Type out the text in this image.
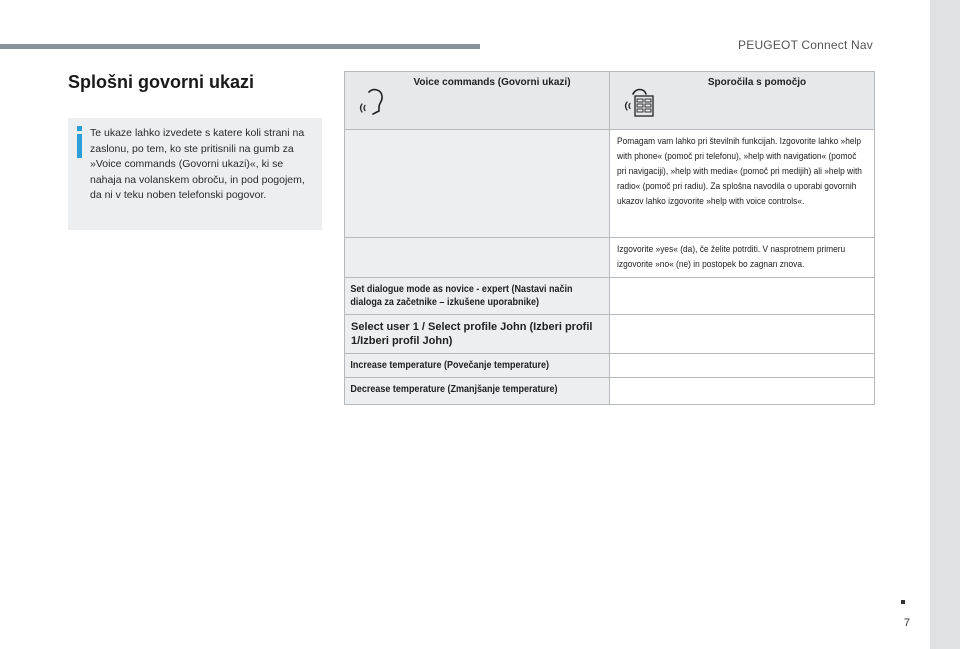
PEUGEOT Connect Nav
Splošni govorni ukazi

Te ukaze lahko izvedete s katere koli strani na zaslonu, po tem, ko ste pritisnili na gumb za »Voice commands (Govorni ukazi)«, ki se nahaja na volanskem obroču, in pod pogojem, da ni v teku noben telefonski pogovor.

Voice commands (Govorni ukazi)	Sporočila s pomočjo

	Pomagam vam lahko pri številnih funkcijah. Izgovorite lahko »help with phone« (pomoč pri telefonu), »help with navigation« (pomoč pri navigaciji), »help with media« (pomoč pri medijih) ali »help with radio« (pomoč pri radiu). Za splošna navodila o uporabi govornih ukazov lahko izgovorite »help with voice controls«.

	Izgovorite »yes« (da), če želite potrditi. V nasprotnem primeru izgovorite »no« (ne) in postopek bo zagnan znova.

Set dialogue mode as novice - expert (Nastavi način dialoga za začetnike – izkušene uporabnike)	

Select user 1 / Select profile John (Izberi profil 1/Izberi profil John)	

Increase temperature (Povečanje temperature)	

Decrease temperature (Zmanjšanje temperature)	

7
